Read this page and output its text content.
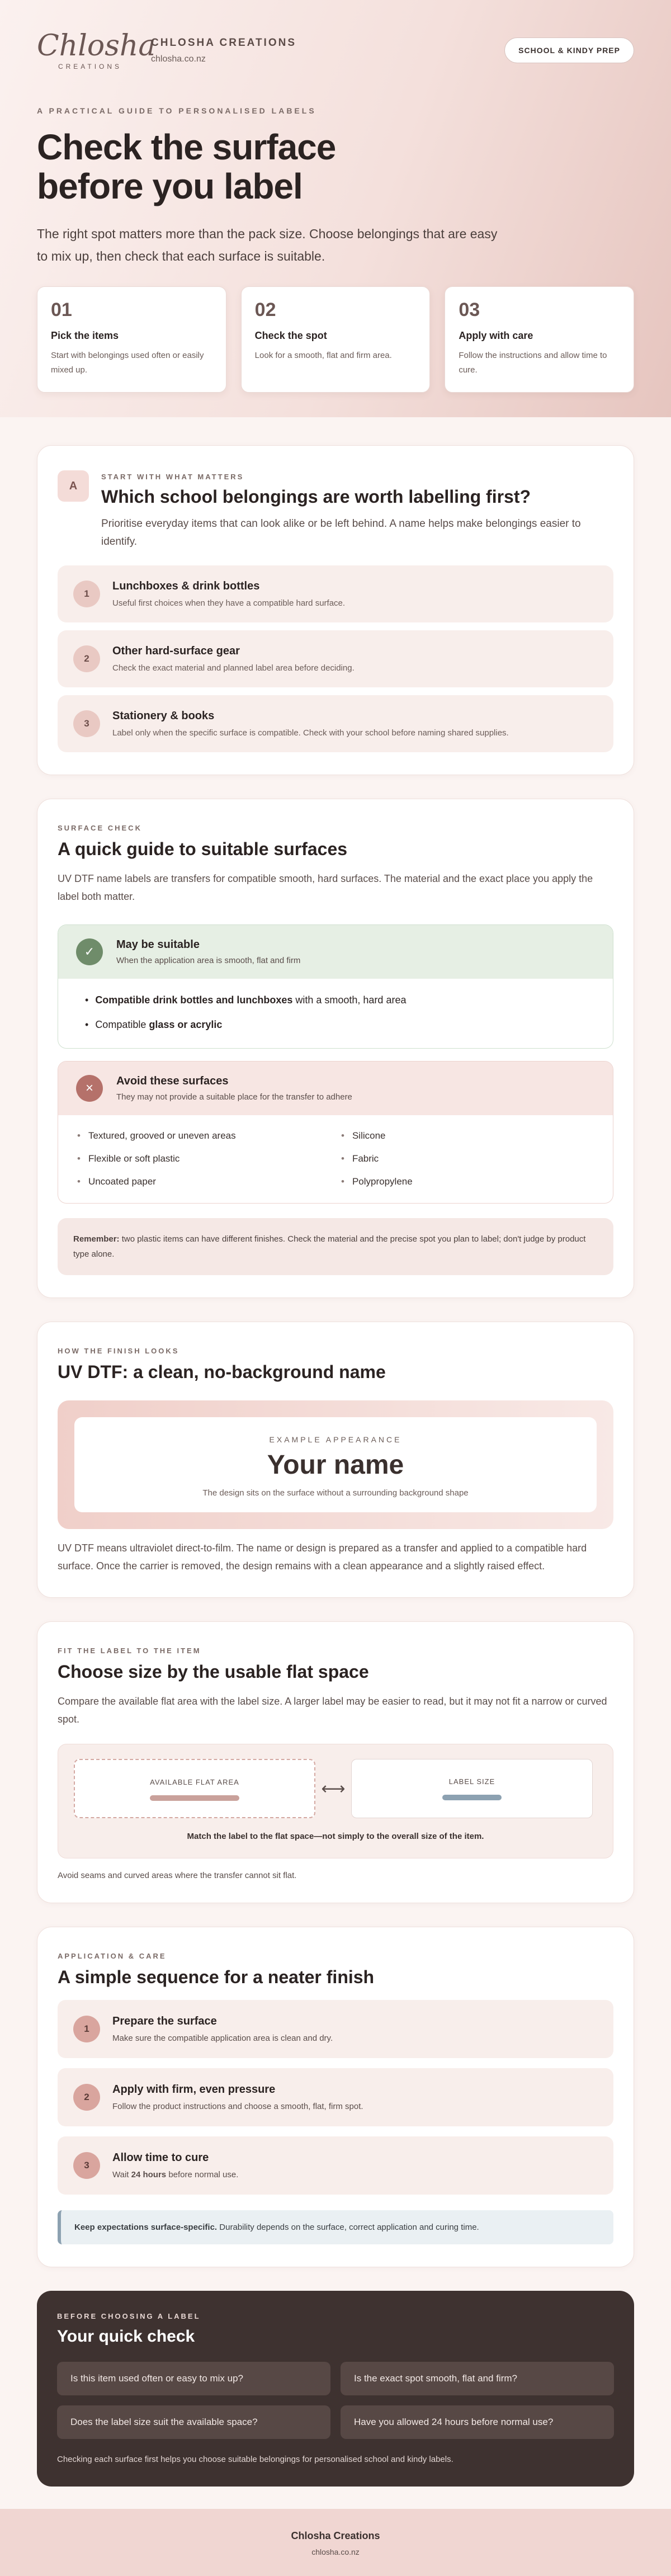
Chlosha
CREATIONS
CHLOSHA CREATIONS
chlosha.co.nz
SCHOOL & KINDY PREP
A PRACTICAL GUIDE TO PERSONALISED LABELS
Check the surface before you label

The right spot matters more than the pack size. Choose belongings that are easy to mix up, then check that each surface is suitable.

01
Pick the items
Start with belongings used often or easily mixed up.
02
Check the spot
Look for a smooth, flat and firm area.
03
Apply with care
Follow the instructions and allow time to cure.
A
START WITH WHAT MATTERS
Which school belongings are worth labelling first?

Prioritise everyday items that can look alike or be left behind. A name helps make belongings easier to identify.

1
Lunchboxes & drink bottles
Useful first choices when they have a compatible hard surface.
2
Other hard-surface gear
Check the exact material and planned label area before deciding.
3
Stationery & books
Label only when the specific surface is compatible. Check with your school before naming shared supplies.
SURFACE CHECK
A quick guide to suitable surfaces

UV DTF name labels are transfers for compatible smooth, hard surfaces. The material and the exact place you apply the label both matter.

✓	May be suitable
When the application area is smooth, flat and firm
• Compatible drink bottles and lunchboxes with a smooth, hard area
• Compatible glass or acrylic
×	Avoid these surfaces
They may not provide a suitable place for the transfer to adhere
• Textured, grooved or uneven areas	• Silicone
• Flexible or soft plastic	• Fabric
• Uncoated paper	• Polypropylene
Remember: two plastic items can have different finishes. Check the material and the precise spot you plan to label; don't judge by product type alone.
HOW THE FINISH LOOKS
UV DTF: a clean, no-background name
EXAMPLE APPEARANCE
Your name
The design sits on the surface without a surrounding background shape

UV DTF means ultraviolet direct-to-film. The name or design is prepared as a transfer and applied to a compatible hard surface. Once the carrier is removed, the design remains with a clean appearance and a slightly raised effect.

FIT THE LABEL TO THE ITEM
Choose size by the usable flat space

Compare the available flat area with the label size. A larger label may be easier to read, but it may not fit a narrow or curved spot.

AVAILABLE FLAT AREA	⟷	LABEL SIZE
Match the label to the flat space—not simply to the overall size of the item.

Avoid seams and curved areas where the transfer cannot sit flat.

APPLICATION & CARE
A simple sequence for a neater finish
1
Prepare the surface
Make sure the compatible application area is clean and dry.
2
Apply with firm, even pressure
Follow the product instructions and choose a smooth, flat, firm spot.
3
Allow time to cure
Wait 24 hours before normal use.
Keep expectations surface-specific. Durability depends on the surface, correct application and curing time.
BEFORE CHOOSING A LABEL
Your quick check
Is this item used often or easy to mix up?	Is the exact spot smooth, flat and firm?
Does the label size suit the available space?	Have you allowed 24 hours before normal use?

Checking each surface first helps you choose suitable belongings for personalised school and kindy labels.

Chlosha Creations
chlosha.co.nz
